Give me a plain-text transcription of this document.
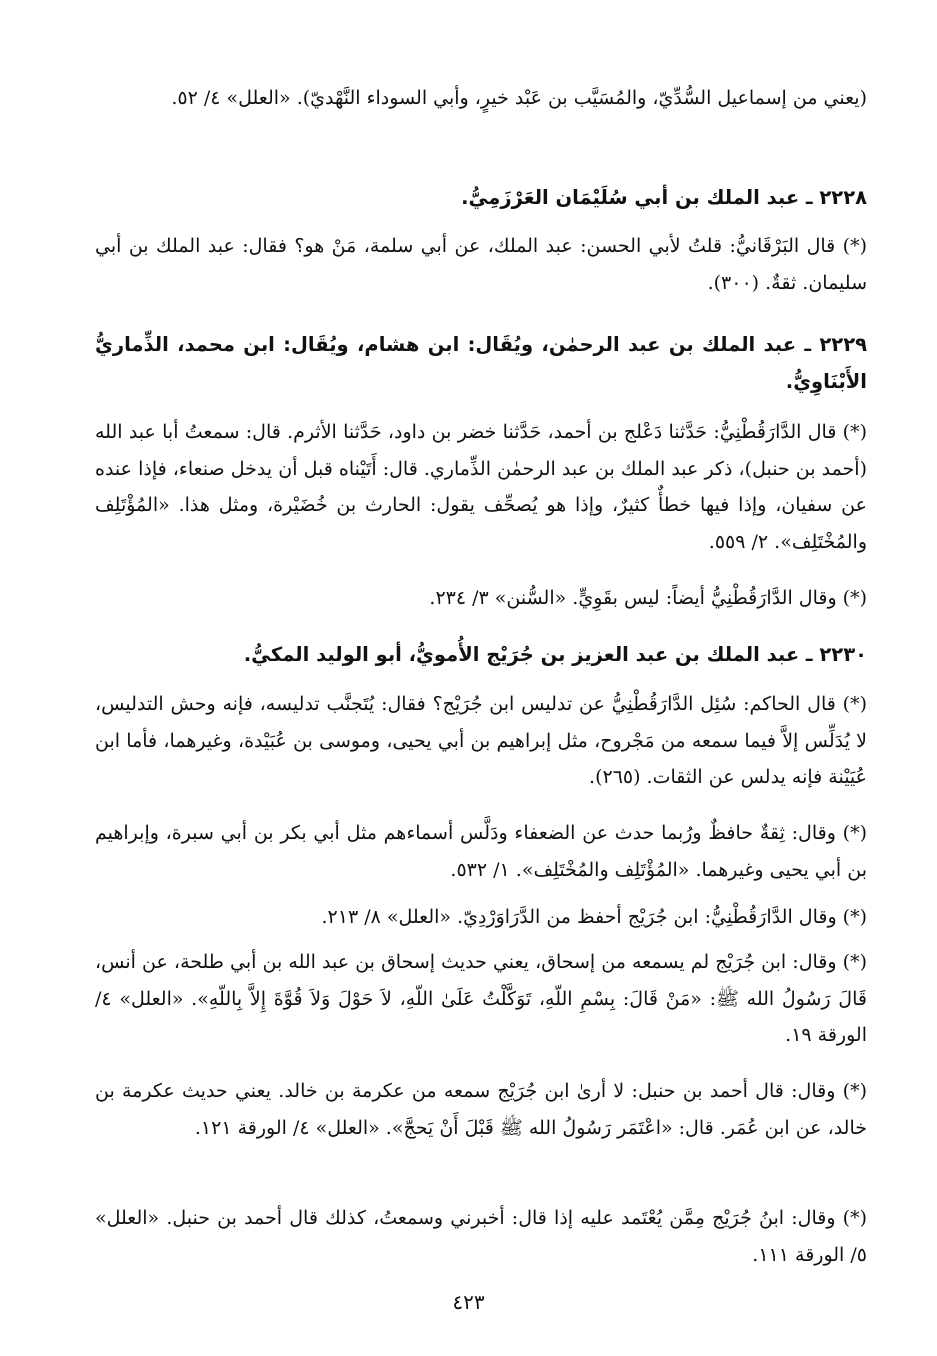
(يعني من إسماعيل السُّدِّيّ، والمُسَيَّب بن عَبْد خيرٍ، وأبي السوداء النَّهْديّ). «العلل» ٤/ ٥٢.

٢٢٢٨ ـ عبد الملك بن أبي سُلَيْمَان العَرْزَمِيُّ.

(*) قال البَرْقَانيُّ: قلتُ لأبي الحسن: عبد الملك، عن أبي سلمة، مَنْ هو؟ فقال: عبد الملك بن أبي سليمان. ثقةٌ. (٣٠٠).

٢٢٢٩ ـ عبد الملك بن عبد الرحمٰن، ويُقَال: ابن هشام، ويُقَال: ابن محمد، الذِّماريُّ الأَبْنَاوِيُّ.

(*) قال الدَّارَقُطْنِيُّ: حَدَّثنا دَعْلج بن أحمد، حَدَّثنا خضر بن داود، حَدَّثنا الأثرم. قال: سمعتُ أبا عبد الله (أحمد بن حنبل)، ذكر عبد الملك بن عبد الرحمٰن الذِّماري. قال: أَتَيْناه قبل أن يدخل صنعاء، فإذا عنده عن سفيان، وإذا فيها خطأٌ كثيرٌ، وإذا هو يُصحِّف يقول: الحارث بن خُضَيْرة، ومثل هذا. «المُؤْتَلِف والمُخْتَلِف». ٢/ ٥٥٩.

(*) وقال الدَّارَقُطْنِيُّ أيضاً: ليس بقَوِيٍّ. «السُّنن» ٣/ ٢٣٤.

٢٢٣٠ ـ عبد الملك بن عبد العزيز بن جُرَيْج الأُمويُّ، أبو الوليد المكيُّ.

(*) قال الحاكم: سُئِل الدَّارَقُطْنِيُّ عن تدليس ابن جُرَيْج؟ فقال: يُتَجنَّب تدليسه، فإنه وحش التدليس، لا يُدَلِّس إلاَّ فيما سمعه من مَجْروح، مثل إبراهيم بن أبي يحيى، وموسى بن عُبَيْدة، وغيرهما، فأما ابن عُيَيْنة فإنه يدلس عن الثقات. (٢٦٥).

(*) وقال: ثِقةٌ حافظٌ ورُبما حدث عن الضعفاء ودَلَّس أسماءهم مثل أبي بكر بن أبي سبرة، وإبراهيم بن أبي يحيى وغيرهما. «المُؤْتَلِف والمُخْتَلِف». ١/ ٥٣٢.

(*) وقال الدَّارَقُطْنِيُّ: ابن جُرَيْج أحفظ من الدَّرَاوَرْدِيّ. «العلل» ٨/ ٢١٣.

(*) وقال: ابن جُرَيْج لم يسمعه من إسحاق، يعني حديث إسحاق بن عبد الله بن أبي طلحة، عن أنس، قَالَ رَسُولُ الله ﷺ: «مَنْ قَالَ: بِسْمِ اللّهِ، تَوَكَّلْتُ عَلَىٰ اللّهِ، لاَ حَوْلَ وَلاَ قُوَّةَ إِلاَّ بِاللّهِ». «العلل» ٤/ الورقة ١٩.

(*) وقال: قال أحمد بن حنبل: لا أرىٰ ابن جُرَيْج سمعه من عكرمة بن خالد. يعني حديث عكرمة بن خالد، عن ابن عُمَر. قال: «اعْتَمَر رَسُولُ الله ﷺ قَبْلَ أَنْ يَحجَّ». «العلل» ٤/ الورقة ١٢١.

(*) وقال: ابنُ جُرَيْج مِمَّن يُعْتَمد عليه إذا قال: أخبرني وسمعتُ، كذلك قال أحمد بن حنبل. «العلل» ٥/ الورقة ١١١.

٤٢٣
